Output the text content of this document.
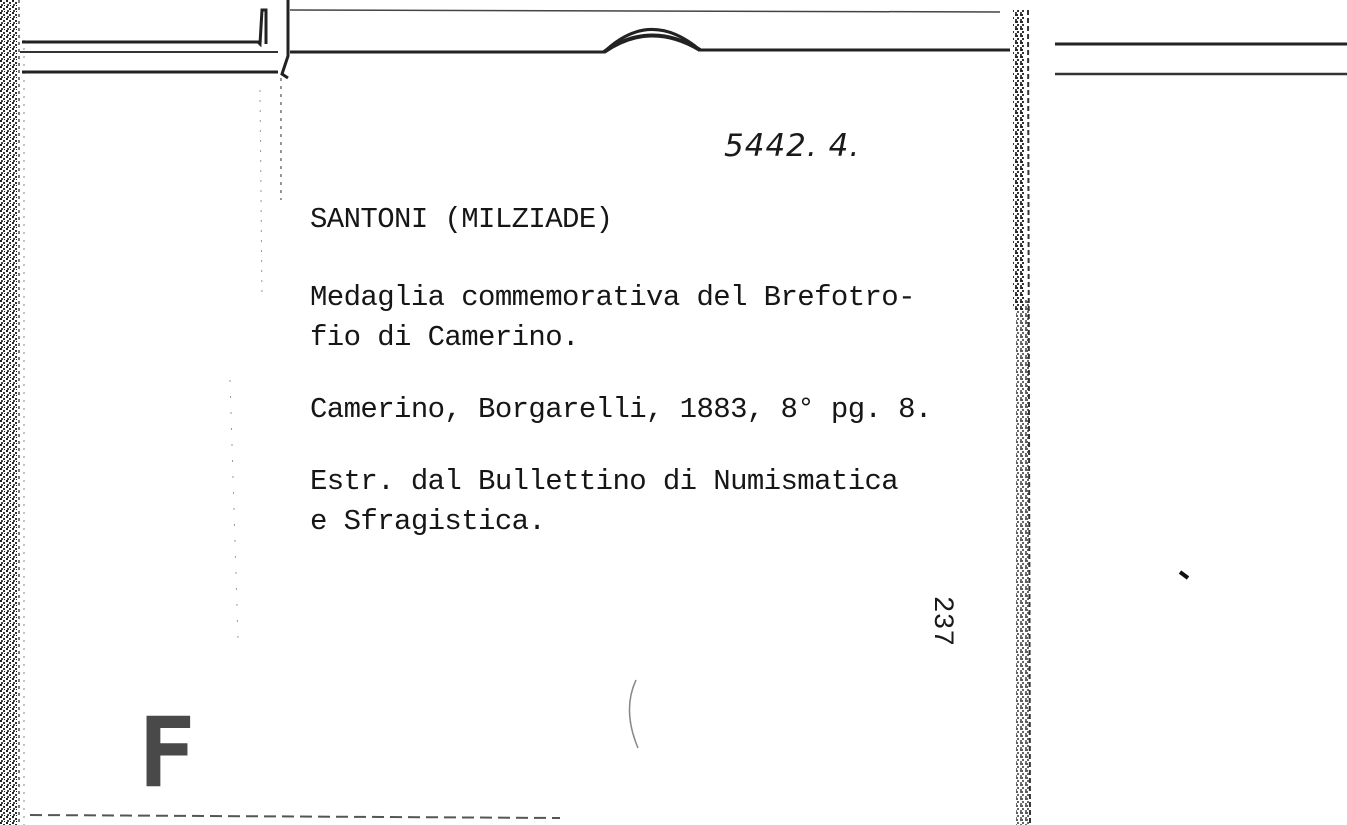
5442. 4.
SANTONI (MILZIADE)
Medaglia commemorativa del Brefotro-
fio di Camerino.
Camerino, Borgarelli, 1883, 8° pg. 8.
Estr. dal Bullettino di Numismatica
e Sfragistica.
237
F
